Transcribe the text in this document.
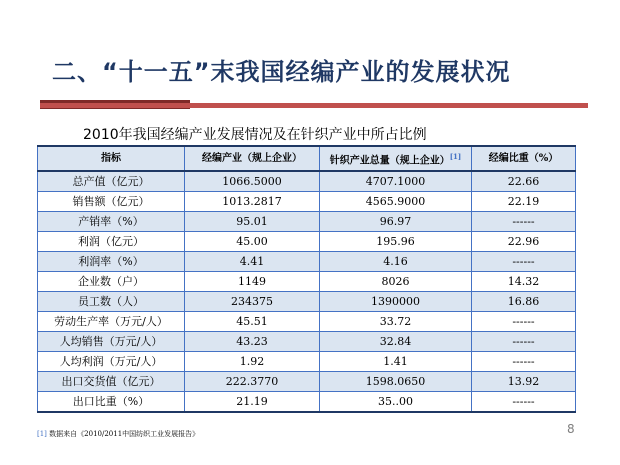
二、“十一五”末我国经编产业的发展状况
2010年我国经编产业发展情况及在针织产业中所占比例
指标	经编产业（规上企业）	针织产业总量（规上企业）[1]	经编比重（%）
总产值（亿元）	1066.5000	4707.1000	22.66
销售额（亿元）	1013.2817	4565.9000	22.19
产销率（%）	95.01	96.97	------
利润（亿元）	45.00	195.96	22.96
利润率（%）	4.41	4.16	------
企业数（户）	1149	8026	14.32
员工数（人）	234375	1390000	16.86
劳动生产率（万元/人）	45.51	33.72	------
人均销售（万元/人）	43.23	32.84	------
人均利润（万元/人）	1.92	1.41	------
出口交货值（亿元）	222.3770	1598.0650	13.92
出口比重（%）	21.19	35..00	------
[1] 数据来自《2010/2011中国纺织工业发展报告》	8
